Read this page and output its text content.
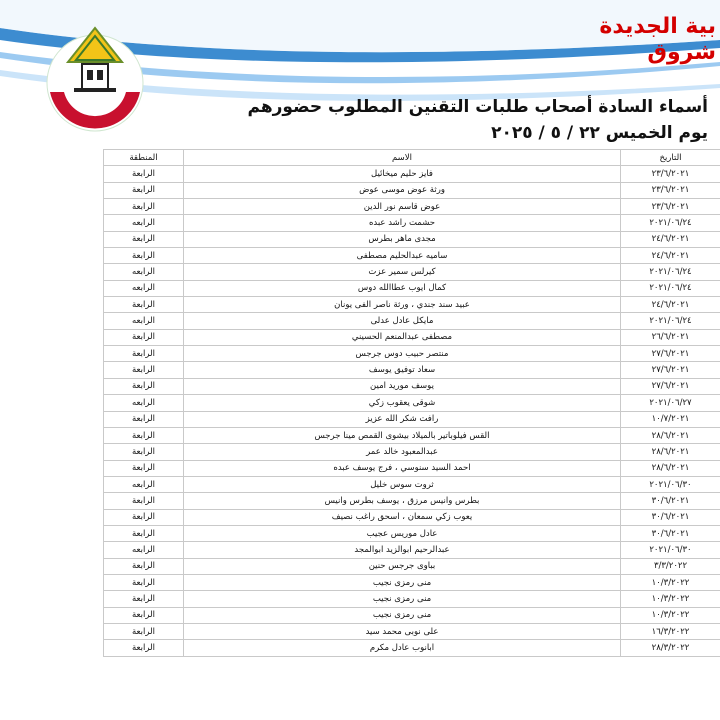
بية الجديدة
شروق
أسماء السادة أصحاب طلبات التقنين المطلوب حضورهم
يوم الخميس ٢٢ / ٥ / ٢٠٢٥
المنطقة	الاسم	التاريخ
الرابعة	فايز حليم ميخائيل	٢٣/٦/٢٠٢١
الرابعة	ورثة عوض موسى عوض	٢٣/٦/٢٠٢١
الرابعة	عوض قاسم نور الدين	٢٣/٦/٢٠٢١
الرابعه	حشمت راشد عبده	٢٠٢١/٠٦/٢٤
الرابعة	مجدى ماهر بطرس	٢٤/٦/٢٠٢١
الرابعة	ساميه عبدالحليم مصطفى	٢٤/٦/٢٠٢١
الرابعه	كيرلس سمير عزت	٢٠٢١/٠٦/٢٤
الرابعه	كمال ايوب عطاالله دوس	٢٠٢١/٠٦/٢٤
الرابعة	عبيد سند جندي ، ورثة ناصر الفى يونان	٢٤/٦/٢٠٢١
الرابعه	مايكل عادل عدلى	٢٠٢١/٠٦/٢٤
الرابعة	مصطفى عبدالمنعم الحسيني	٢٦/٦/٢٠٢١
الرابعة	منتصر حبيب دوس جرجس	٢٧/٦/٢٠٢١
الرابعة	سعاد توفيق يوسف	٢٧/٦/٢٠٢١
الرابعة	يوسف موريد امين	٢٧/٦/٢٠٢١
الرابعه	شوقى يعقوب زكي	٢٠٢١/٠٦/٢٧
الرابعة	رافت شكر الله عزيز	١٠/٧/٢٠٢١
الرابعة	القس فيلوباتير بالميلاد بيشوى القمص مينا جرجس	٢٨/٦/٢٠٢١
الرابعة	عبدالمعبود خالد عمر	٢٨/٦/٢٠٢١
الرابعة	احمد السيد سنوسي ، فرج يوسف عبده	٢٨/٦/٢٠٢١
الرابعه	ثروت سوس خليل	٢٠٢١/٠٦/٣٠
الرابعة	بطرس وانيس مرزق ، يوسف بطرس وانيس	٣٠/٦/٢٠٢١
الرابعة	يعوب زكي سمعان ، اسحق راغب نصيف	٣٠/٦/٢٠٢١
الرابعة	عادل موريس عجيب	٣٠/٦/٢٠٢١
الرابعه	عبدالرحيم ابوالزيد ابوالمجد	٢٠٢١/٠٦/٣٠
الرابعة	بباوى جرجس حنين	٣/٣/٢٠٢٢
الرابعة	منى رمزى نجيب	١٠/٣/٢٠٢٢
الرابعة	منى رمزى نجيب	١٠/٣/٢٠٢٢
الرابعة	منى رمزى نجيب	١٠/٣/٢٠٢٢
الرابعة	على نوبى محمد سيد	١٦/٣/٢٠٢٢
الرابعة	ابانوب عادل مكرم	٢٨/٣/٢٠٢٢
